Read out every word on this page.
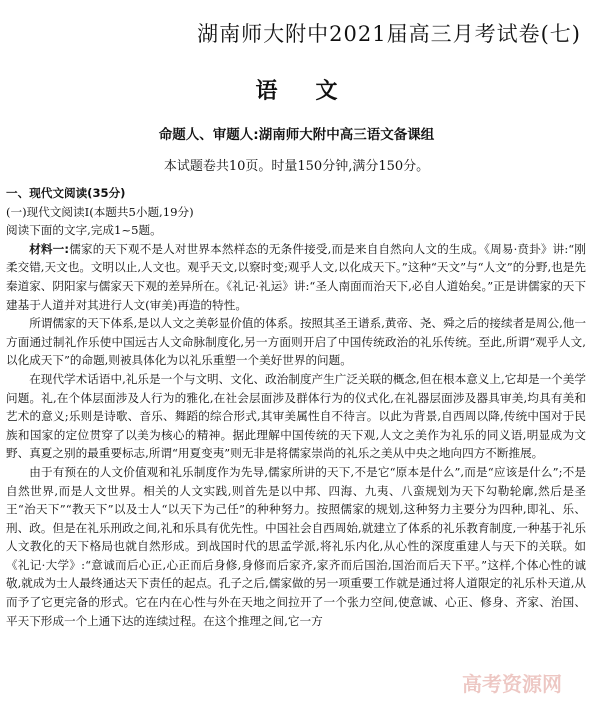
湖南师大附中2021届高三月考试卷(七)
语文
命题人、审题人:湖南师大附中高三语文备课组
本试题卷共10页。时量150分钟,满分150分。

一、现代文阅读(35分)

(一)现代文阅读Ⅰ(本题共5小题,19分)

阅读下面的文字,完成1~5题。

材料一:儒家的天下观不是人对世界本然样态的无条件接受,而是来自自然向人文的生成。《周易·贲卦》讲:“刚柔交错,天文也。文明以止,人文也。观乎天文,以察时变;观乎人文,以化成天下。”这种“天文”与“人文”的分野,也是先秦道家、阴阳家与儒家天下观的差异所在。《礼记·礼运》讲:“圣人南面而治天下,必自人道始矣。”正是讲儒家的天下建基于人道并对其进行人文(审美)再造的特性。

所谓儒家的天下体系,是以人文之美彰显价值的体系。按照其圣王谱系,黄帝、尧、舜之后的接续者是周公,他一方面通过制礼作乐使中国远古人文命脉制度化,另一方面则开启了中国传统政治的礼乐传统。至此,所谓“观乎人文,以化成天下”的命题,则被具体化为以礼乐重塑一个美好世界的问题。

在现代学术话语中,礼乐是一个与文明、文化、政治制度产生广泛关联的概念,但在根本意义上,它却是一个美学问题。礼,在个体层面涉及人行为的雅化,在社会层面涉及群体行为的仪式化,在礼器层面涉及器具审美,均具有美和艺术的意义;乐则是诗歌、音乐、舞蹈的综合形式,其审美属性自不待言。以此为背景,自西周以降,传统中国对于民族和国家的定位贯穿了以美为核心的精神。据此理解中国传统的天下观,人文之美作为礼乐的同义语,明显成为文野、真夏之别的最重要标志,所谓“用夏变夷”则无非是将儒家崇尚的礼乐之美从中央之地向四方不断推展。

由于有预在的人文价值观和礼乐制度作为先导,儒家所讲的天下,不是它“原本是什么”,而是“应该是什么”;不是自然世界,而是人文世界。相关的人文实践,则首先是以中邦、四海、九夷、八蛮规划为天下勾勒轮廓,然后是圣王“治天下”“教天下”以及士人“以天下为己任”的种种努力。按照儒家的规划,这种努力主要分为四种,即礼、乐、刑、政。但是在礼乐刑政之间,礼和乐具有优先性。中国社会自西周始,就建立了体系的礼乐教育制度,一种基于礼乐人文教化的天下格局也就自然形成。到战国时代的思孟学派,将礼乐内化,从心性的深度重建人与天下的关联。如《礼记·大学》:“意诚而后心正,心正而后身修,身修而后家齐,家齐而后国治,国治而后天下平。”这样,个体心性的诚敬,就成为士人最终通达天下责任的起点。孔子之后,儒家做的另一项重要工作就是通过将人道限定的礼乐朴天道,从而予了它更完备的形式。它在内在心性与外在天地之间拉开了一个张力空间,使意诚、心正、修身、齐家、治国、平天下形成一个上通下达的连续过程。在这个推理之间,它一方

高考资源网
